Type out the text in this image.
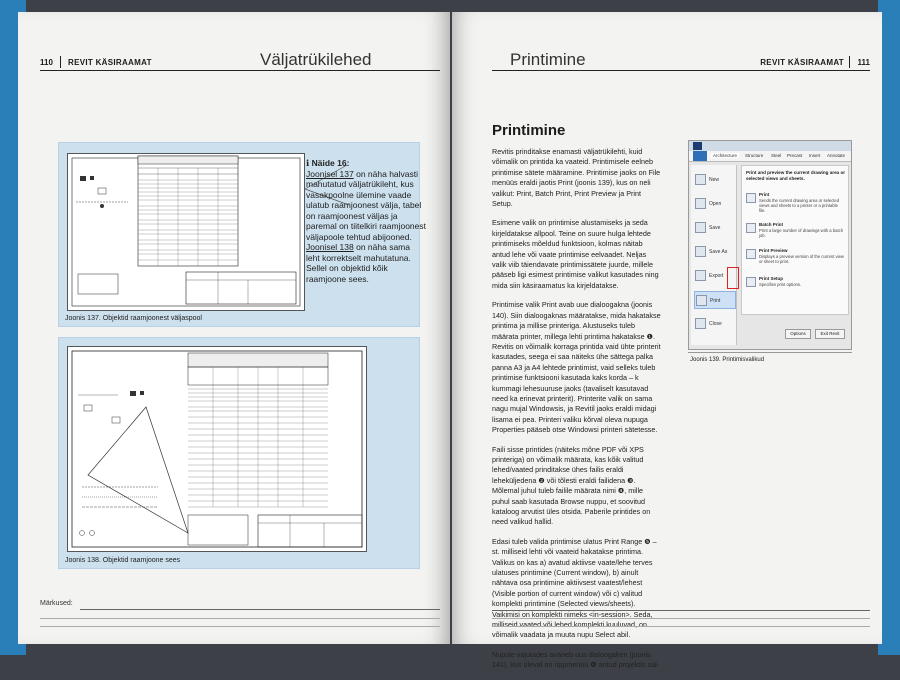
110 REVIT KÄSIRAAMAT	Väljatrükilehed
Joonis 137. Objektid raamjoonest väljaspool
ℹ Näide 16:
Joonisel 137 on näha halvasti mahutatud väljatrükileht, kus vasakpoolne ülemine vaade ulatub raamjoonest välja, tabel on raamjoonest väljas ja paremal on tiitelkiri raamjoonest väljapoole tehtud abijooned. Joonisel 138 on näha sama leht korrektselt mahutatuna. Sellel on objektid kõik raamjoone sees.
Joonis 138. Objektid raamjoone sees
Märkused:
Printimine	REVIT KÄSIRAAMAT 111
Printimine

Revitis prinditakse enamasti väljatrükilehti, kuid võimalik on printida ka vaateid. Printimisele eelneb printimise sätete määramine. Printimise jaoks on File menüüs eraldi jaotis Print (joonis 139), kus on neli valikut: Print, Batch Print, Print Preview ja Print Setup.

Esimene valik on printimise alustamiseks ja seda kirjeldatakse allpool. Teine on suure hulga lehtede printimiseks mõeldud funktsioon, kolmas näitab antud lehe või vaate printimise eelvaadet. Neljas valik viib täiendavate printimissätete juurde, millele pääseb ligi esimest printimise valikut kasutades ning mida siin käsiraamatus ka kirjeldatakse.

Printimise valik Print avab uue dialoogakna (joonis 140). Siin dialoogaknas määratakse, mida hakatakse printima ja millise printeriga. Alustuseks tuleb määrata printer, millega lehti printima hakatakse ❶. Revitis on võimalik korraga printida vaid ühte printerit kasutades, seega ei saa näiteks ühe sättega palka panna A3 ja A4 lehtede printimist, vaid selleks tuleb printimise funktsiooni kasutada kaks korda – k kummagi lehesuuruse jaoks (tavaliselt kasutavad need ka erinevat printerit). Printerite valik on sama nagu mujal Windowsis, ja Revitil jaoks eraldi midagi lisama ei pea. Printeri valiku kõrval oleva nupuga Properties pääseb otse Windowsi printeri sätetesse.

Faili sisse printides (näiteks mõne PDF või XPS printeriga) on võimalik määrata, kas kõik valitud lehed/vaated prinditakse ühes failis eraldi leheküljedena ❷ või tõlesti eraldi failidena ❸. Mõlemal juhul tuleb failile määrata nimi ❹, mille puhul saab kasutada Browse nuppu, et soovitud kataloog arvutist üles otsida. Paberile printides on need valikud hallid.

Edasi tuleb valida printimise ulatus Print Range ❺ – st. milliseid lehti või vaateid hakatakse printima. Valikus on kas a) avatud aktiivse vaate/lehe terves ulatuses printimine (Current window), b) ainult nähtava osa printimine aktiivsest vaatest/lehest (Visible portion of current window) või c) valitud komplekti printimine (Selected views/sheets). Vaikimisi on komplekti nimeks <in-session>. Seda, milliseid vaated või lehed komplekti kuuluvad, on võimalik vaadata ja muuta nupu Select abil.

Nupule vajutades avaneb uus dialoogaken (joonis 141), kus üleval on rippmenüü ❻ antud projektis sal-

Architecture	Structure Steel Precast Insert Annotate
New
Open
Save
Save As
Export
Print
Close
Print and preview the current drawing area or selected views and sheets.
Print
Sends the current drawing area or selected views and sheets to a printer or a printable file.
Batch Print
Print a large number of drawings with a batch job.
Print Preview
Displays a preview version of the current view or sheet to print.
Print Setup
Specifies print options.
Options	Exit Revit
Joonis 139. Printimisvalikud
